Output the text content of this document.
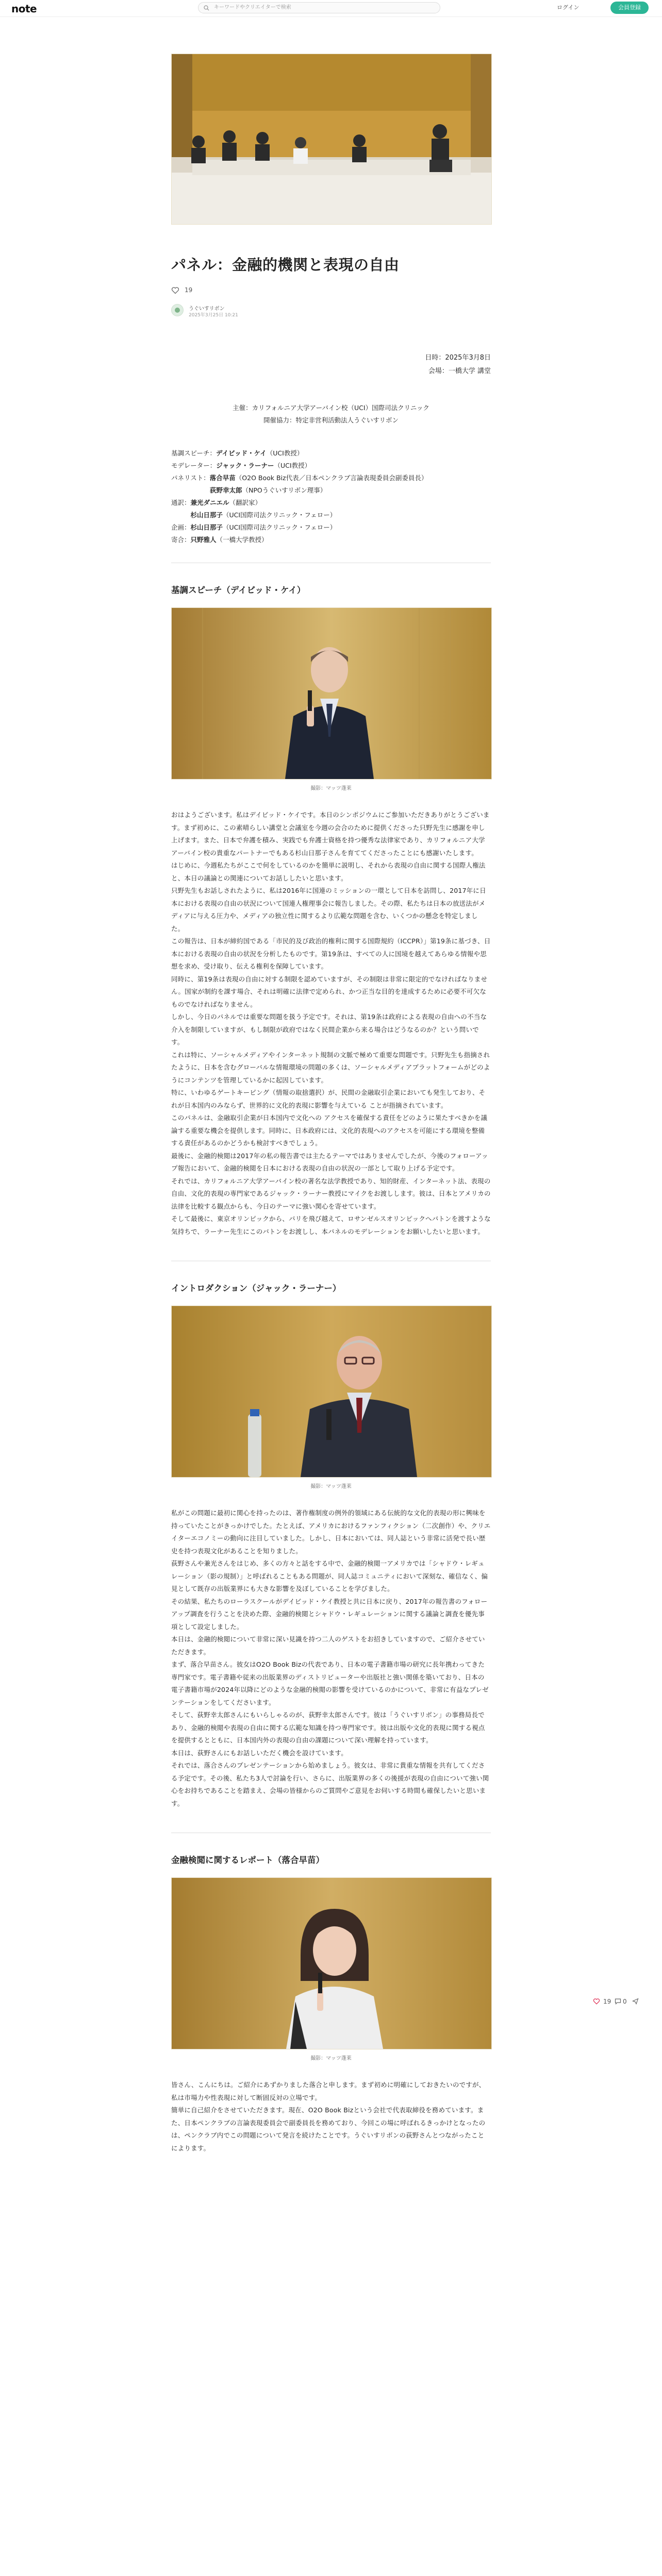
note	キーワードやクリエイターで検索	ログイン	会員登録
パネル：金融的機関と表現の自由
19
うぐいすリボン
2025年3月25日 10:21
日時：2025年3月8日
会場：一橋大学 講堂
主催：カリフォルニア大学アーバイン校（UCI）国際司法クリニック
開催協力：特定非営利活動法人うぐいすリボン
基調スピーチ：デイビッド・ケイ（UCI教授）
モデレーター：ジャック・ラーナー（UCI教授）
パネリスト：落合早苗（O2O Book Biz代表／日本ペンクラブ言論表現委員会副委員長）
　　　　　　荻野幸太郎（NPOうぐいすリボン理事）
通訳：兼光ダニエル（翻訳家）
　　　杉山日那子（UCI国際司法クリニック・フェロー）
企画：杉山日那子（UCI国際司法クリニック・フェロー）
寄合：只野雅人（一橋大学教授）
基調スピーチ（デイビッド・ケイ）
撮影：マッツ蓬莱

おはようございます。私はデイビッド・ケイです。本日のシンポジウムにご参加いただきありがとうございます。まず初めに、この素晴らしい講堂と会議室を今週の会合のために提供くださった只野先生に感謝を申し上げます。また、日本で弁護を積み、実践でも弁護士資格を持つ優秀な法律家であり、カリフォルニア大学アーバイン校の貴重なパートナーでもある杉山日那子さんを育ててくださったことにも感謝いたします。

はじめに、今週私たちがここで何をしているのかを簡単に説明し、それから表現の自由に関する国際人権法と、本日の議論との関連についてお話ししたいと思います。

只野先生もお話しされたように、私は2016年に国連のミッションの一環として日本を訪問し、2017年に日本における表現の自由の状況について国連人権理事会に報告しました。その際、私たちは日本の放送法がメディアに与える圧力や、メディアの独立性に関するより広範な問題を含む、いくつかの懸念を特定しました。

この報告は、日本が締約国である「市民的及び政治的権利に関する国際規約（ICCPR）」第19条に基づき、日本における表現の自由の状況を分析したものです。第19条は、すべての人に国境を越えてあらゆる情報や思想を求め、受け取り、伝える権利を保障しています。

同時に、第19条は表現の自由に対する制限を認めていますが、その制限は非常に限定的でなければなりません。国家が制約を課す場合、それは明確に法律で定められ、かつ正当な目的を達成するために必要不可欠なものでなければなりません。

しかし、今日のパネルでは重要な問題を扱う予定です。それは、第19条は政府による表現の自由への不当な介入を制限していますが、もし制限が政府ではなく民間企業から来る場合はどうなるのか？という問いです。

これは特に、ソーシャルメディアやインターネット規制の文脈で極めて重要な問題です。只野先生も指摘されたように、日本を含むグローバルな情報環境の問題の多くは、ソーシャルメディアプラットフォームがどのようにコンテンツを管理しているかに起因しています。

特に、いわゆるゲートキーピング（情報の取捨選択）が、民間の金融取引企業においても発生しており、それが日本国内のみならず、世界的に文化的表現に影響を与えている ことが指摘されています。

このパネルは、金融取引企業が日本国内で文化への アクセスを確保する責任をどのように果たすべきかを議論する重要な機会を提供します。同時に、日本政府には、文化的表現へのアクセスを可能にする環境を整備する責任があるのかどうかも検討すべきでしょう。

最後に、金融的検閲は2017年の私の報告書では主たるテーマではありませんでしたが、今後のフォローアップ報告において、金融的検閲を日本における表現の自由の状況の一部として取り上げる予定です。

それでは、カリフォルニア大学アーバイン校の著名な法学教授であり、知的財産、インターネット法、表現の自由、文化的表現の専門家であるジャック・ラーナー教授にマイクをお渡しします。彼は、日本とアメリカの法律を比較する観点からも、今日のテーマに強い関心を寄せています。

そして最後に、東京オリンピックから、パリを飛び越えて、ロサンゼルスオリンピックへバトンを渡すような気持ちで、ラーナー先生にこのバトンをお渡しし、本パネルのモデレーションをお願いしたいと思います。

イントロダクション（ジャック・ラーナー）
撮影：マッツ蓬莱

私がこの問題に最初に関心を持ったのは、著作権制度の例外的領域にある伝統的な文化的表現の形に興味を持っていたことがきっかけでした。たとえば、アメリカにおけるファンフィクション（二次創作）や、クリエイターエコノミーの動向に注目していました。しかし、日本においては、同人誌という非常に活発で長い歴史を持つ表現文化があることを知りました。

荻野さんや兼光さんをはじめ、多くの方々と話をする中で、金融的検閲一アメリカでは「シャドウ・レギュレーション（影の規制）」と呼ばれることもある問題が、同人誌コミュニティにおいて深刻な、確信なく、偏見として既存の出版業界にも大きな影響を及ぼしていることを学びました。

その結果、私たちのローラスクールがデイビッド・ケイ教授と共に日本に戻り、2017年の報告書のフォローアップ調査を行うことを決めた際、金融的検閲とシャドウ・レギュレーションに関する議論と調査を優先事項として設定しました。

本日は、金融的検閲について非常に深い見識を持つ二人のゲストをお招きしていますので、ご紹介させていただきます。

まず、落合早苗さん。彼女はO2O Book Bizの代表であり、日本の電子書籍市場の研究に長年携わってきた専門家です。電子書籍や従来の出版業界のディストリビューターや出版社と強い関係を築いており、日本の電子書籍市場が2024年以降にどのような金融的検閲の影響を受けているのかについて、非常に有益なプレゼンテーションをしてくださいます。

そして、荻野幸太郎さんにもいらしゃるのが、荻野幸太郎さんです。彼は「うぐいすリボン」の事務局長であり、金融的検閲や表現の自由に関する広範な知識を持つ専門家です。彼は出版や文化的表現に関する視点を提供するとともに、日本国内外の表現の自由の課題について深い理解を持っています。

本日は、荻野さんにもお話しいただく機会を設けています。

それでは、落合さんのプレゼンテーションから始めましょう。彼女は、非常に貴重な情報を共有してくださる予定です。その後、私たち3人で討論を行い、さらに、出版業界の多くの後援が表現の自由について強い関心をお持ちであることを踏まえ、会場の皆様からのご質問やご意見をお伺いする時間も確保したいと思います。

金融検閲に関するレポート（落合早苗）
撮影：マッツ蓬莱

皆さん、こんにちは。ご紹介にあずかりました落合と申します。まず初めに明確にしておきたいのですが、私は市場力や性表現に対して断固反対の立場です。

簡単に自己紹介をさせていただきます。現在、O2O Book Bizという会社で代表取締役を務めています。また、日本ペンクラブの言論表現委員会で副委員長を務めており、今回この場に呼ばれるきっかけとなったのは、ペンクラブ内でこの問題について発言を続けたことです。うぐいすリボンの荻野さんとつながったことによります。

19 0
